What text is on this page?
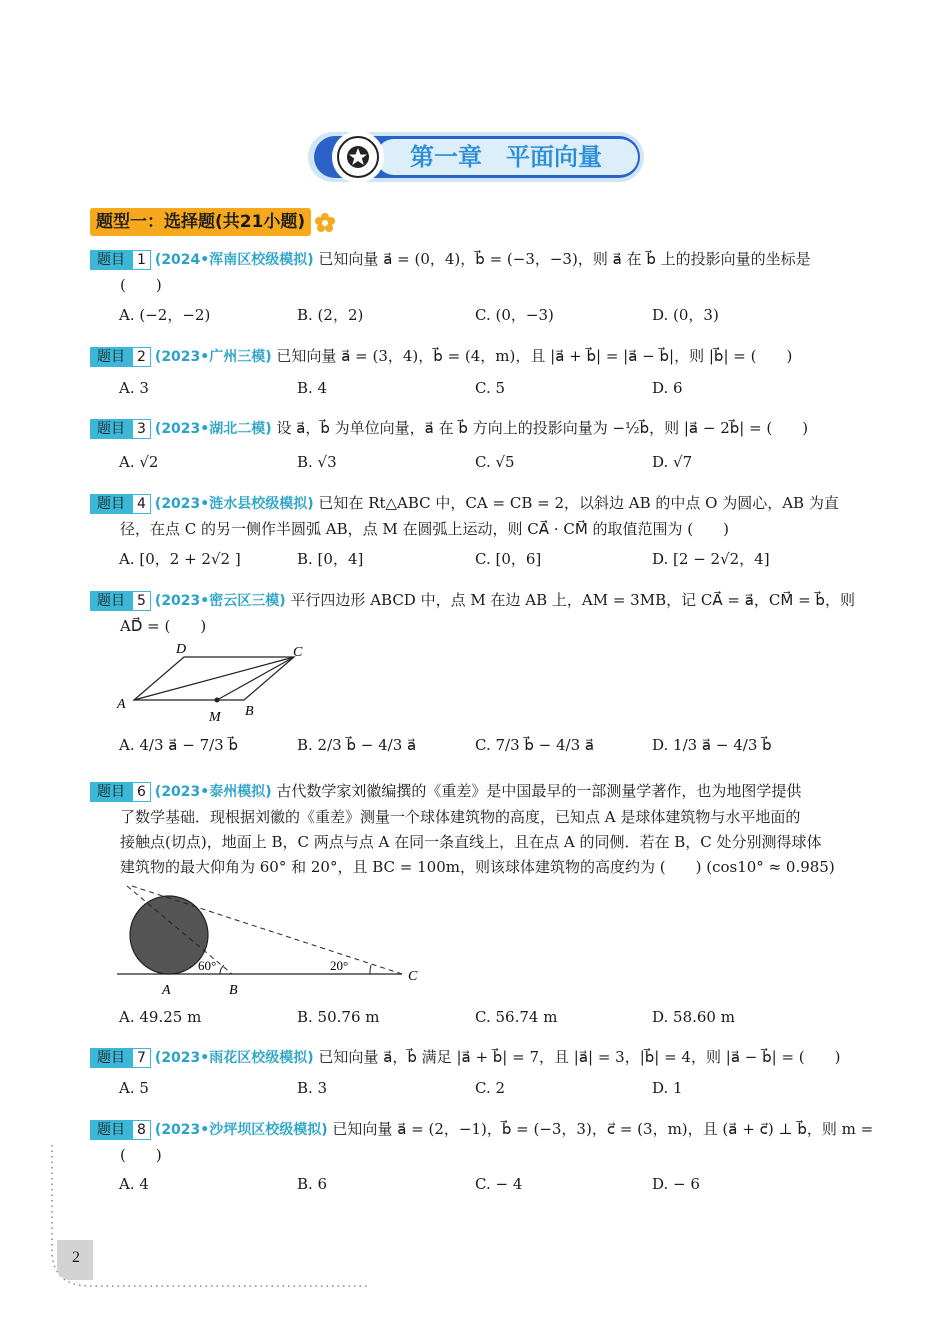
第一章　平面向量
题型一：选择题(共21小题)
题目 1 (2024•浑南区校级模拟) 已知向量 a⃗ = (0，4)，b⃗ = (−3，−3)，则 a⃗ 在 b⃗ 上的投影向量的坐标是
(　　)
A. (−2，−2)	B. (2，2)	C. (0，−3)	D. (0，3)
题目 2 (2023•广州三模) 已知向量 a⃗ = (3，4)，b⃗ = (4，m)，且 |a⃗ + b⃗| = |a⃗ − b⃗|，则 |b⃗| = (　　)
A. 3	B. 4	C. 5	D. 6
题目 3 (2023•湖北二模) 设 a⃗，b⃗ 为单位向量，a⃗ 在 b⃗ 方向上的投影向量为 −½b⃗，则 |a⃗ − 2b⃗| = (　　)
A. √2	B. √3	C. √5	D. √7
题目 4 (2023•涟水县校级模拟) 已知在 Rt△ABC 中，CA = CB = 2，以斜边 AB 的中点 O 为圆心，AB 为直
径，在点 C 的另一侧作半圆弧 AB，点 M 在圆弧上运动，则 CA⃗ · CM⃗ 的取值范围为 (　　)
A. [0，2 + 2√2 ]	B. [0，4]	C. [0，6]	D. [2 − 2√2，4]
题目 5 (2023•密云区三模) 平行四边形 ABCD 中，点 M 在边 AB 上，AM = 3MB，记 CA⃗ = a⃗，CM⃗ = b⃗，则
AD⃗ = (　　)
D	C
A
M B
A. 4/3 a⃗ − 7/3 b⃗	B. 2/3 b⃗ − 4/3 a⃗	C. 7/3 b⃗ − 4/3 a⃗	D. 1/3 a⃗ − 4/3 b⃗
题目 6 (2023•泰州模拟) 古代数学家刘徽编撰的《重差》是中国最早的一部测量学著作，也为地图学提供
了数学基础．现根据刘徽的《重差》测量一个球体建筑物的高度，已知点 A 是球体建筑物与水平地面的
接触点(切点)，地面上 B，C 两点与点 A 在同一条直线上，且在点 A 的同侧．若在 B，C 处分别测得球体
建筑物的最大仰角为 60° 和 20°，且 BC = 100m，则该球体建筑物的高度约为 (　　) (cos10° ≈ 0.985)
60°	20°
A	B
C
A. 49.25 m	B. 50.76 m	C. 56.74 m	D. 58.60 m
题目 7 (2023•雨花区校级模拟) 已知向量 a⃗，b⃗ 满足 |a⃗ + b⃗| = 7，且 |a⃗| = 3，|b⃗| = 4，则 |a⃗ − b⃗| = (　　)
A. 5	B. 3	C. 2	D. 1
题目 8 (2023•沙坪坝区校级模拟) 已知向量 a⃗ = (2，−1)，b⃗ = (−3，3)，c⃗ = (3，m)，且 (a⃗ + c⃗) ⊥ b⃗，则 m =
(　　)
A. 4	B. 6	C. − 4	D. − 6
2
